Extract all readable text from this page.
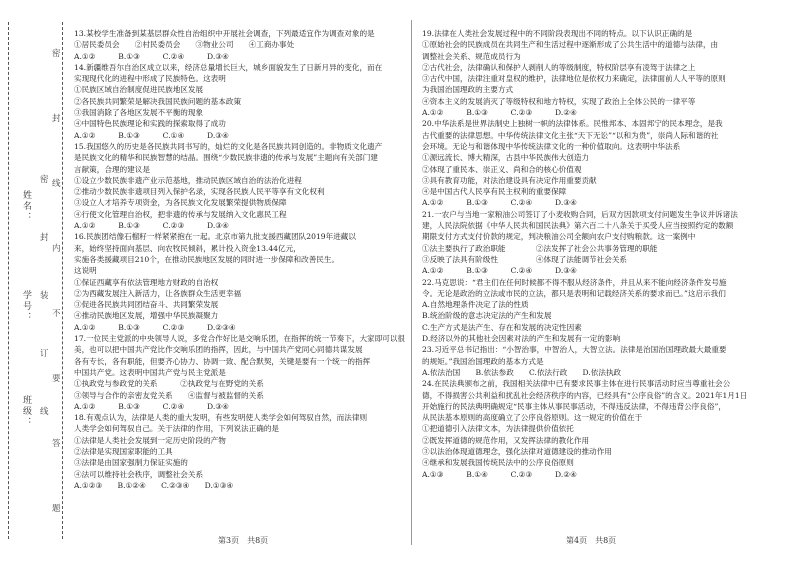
姓名：
学号：
班级：
密
封
线
内
不
要
答
题
密
封
装
订
线

13.某校学生准备到某基层群众性自治组织中开展社会调查，下列最适宜作为调查对象的是

①居民委员会　　②村民委员会　　③物业公司　　④工商办事处

A.①②　　　B.①③　　　C.②④　　　D.③④

14.新疆维吾尔自治区成立以来，经济总量增长巨大，城乡面貌发生了日新月异的变化，而在

实现现代化的进程中形成了民族特色。这表明

①民族区域自治制度促进民族地区发展

②各民族共同繁荣是解决我国民族问题的基本政策

③我国消除了各地区发展不平衡的现象

④中国特色民族理论和实践的探索取得了成功

A.①②　　　B.①③　　　C.①④　　　D.③④

15.我国悠久的历史是各民族共同书写的，灿烂的文化是各民族共同创造的。非物质文化遗产

是民族文化的精华和民族智慧的结晶。围绕“少数民族非遗的传承与发展”主题向有关部门建

言献策，合理的建议是

①设立少数民族非遗产业示范基地，推动民族区域自治的法治化进程

②推动少数民族非遗项目列入保护名录，实现各民族人民平等享有文化权利

③设立人才培养专项资金，为各民族文化发展繁荣提供物质保障

④行使文化管理自治权，把非遗的传承与发展纳入文化惠民工程

A.①②　　　B.①③　　　C.②③　　　D.③④

16.民族团结像石榴籽一样紧紧抱在一起。北京市第九批支援西藏团队2019年进藏以

来，始终坚持面向基层、向农牧民倾斜，累计投入资金13.44亿元，

实施各类援藏项目210个，在推动民族地区发展的同时进一步保障和改善民生。

这说明

①保证西藏享有依法管理地方财政的自治权

②为西藏发展注入新活力，让各族群众生活更幸福

③促进各民族共同团结奋斗、共同繁荣发展

④推动民族地区发展，增强中华民族凝聚力

A.①②　　　B.①③　　　C.②③　　　D.②③④

17.一位民主党派的中央领导人说，多党合作好比是交响乐团，在指挥的统一节奏下，大家即可以很

美，也可以把中国共产党比作交响乐团的指挥，因此，与中国共产党同心同德共谋发展

各有专长，各有职能，但要齐心协力、协调一致、配合默契，关键是要有一个统一的指挥

中国共产党。这表明中国共产党与民主党派是

①执政党与参政党的关系　　　②执政党与在野党的关系

③领导与合作的亲密友党关系　　④监督与被监督的关系

A.①②　　　B.①③　　　C.②④　　　D.③④

18.有观点认为，法律是人类的重大发明，有些发明使人类学会如何驾驭自然，而法律则

人类学会如何驾驭自己。关于法律的作用，下列说法正确的是

①法律是人类社会发展到一定历史阶段的产物

②法律是实现国家职能的工具

③法律是由国家强制力保证实施的

④法可以维持社会秩序，调整社会关系

A.①②③　　B.①②④　　C.②③④　　D.①③④

19.法律在人类社会发展过程中的不同阶段表现出不同的特点。以下认识正确的是

①原始社会的民族成员在共同生产和生活过程中逐渐形成了公共生活中的道德与法律，由

调整社会关系、规范成员行为

②古代社会，法律确认和保护人剥削人的等级制度，特权阶层享有凌驾于法律之上

③古代中国，法律注重对皇权的维护，法律地位是依权力来确定，法律面前人人平等的原则

为我国治国理政的主要方式

④资本主义的发展消灭了等级特权和地方特权，实现了政治上全体公民的一律平等

A.①②　　　B.①③　　　C.②③　　　D.②④

20.中华法系是世界法制史上独树一帜的法律体系。民惟邦本、本固邦宁的民本理念，是我

古代重要的法律思想。中华传统法律文化主张“天下无讼”“以和为贵”，崇尚人际和谐的社

会环境。无论与和谐体现中华传统法律文化的一种价值取向。这表明中华法系

①源远流长、博大精深，古县中华民族伟大创造力

②体现了重民本、崇正义、尚和合的核心价值观

③具有教育功能，对法治建设具有决定作用重要贡献

④是中国古代人民享有民主权利的重要保障

A.①②　　　B.①③　　　C.②④　　　D.③④

21.一农户与当地一家粮油公司签订了小麦收购合同，后双方因款项支付问题发生争议并诉诸法

建，人民法院依据《中华人民共和国民法典》第六百二十八条关于买受人应当按照约定的数额

期限支付方式支付价款的规定，判决粮油公司全额向农户支付购粮款。这一案例中

①法主要执行了政治职能　　　　②法发挥了社会公共事务管理的职能

③反映了法具有阶级性　　　　　④体现了法能调节社会关系

A.①②　　　B.①③　　　C.②④　　　D.③④

22.马克思说：“君主们在任何时候都不得不服从经济条件，并且从来不能向经济条件发号施

令。无论是政治的立法或市民的立法，都只是表明和记载经济关系的要求而已。”这启示我们

A.自然地理条件决定了法的性质

B.统治阶级的意志决定法的产生和发展

C.生产方式是法产生、存在和发展的决定性因素

D.经济以外的其他社会因素对法的产生和发展有一定的影响

23.习近平总书记指出：“小智治事，中智治人，大智立法。法律是治国治国理政最大最重要

的规矩。”我国治国理政的基本方式是

A.依法治国　　B.依法参政　　C.依法行政　　D.依法执政

24.在民法典颁布之前，我国相关法律中已有要求民事主体在进行民事活动时应当尊重社会公

德，不得损害公共利益和扰乱社会经济秩序的内容，已经具有“公序良俗”的含义。2021年1月1日

开始施行的民法典明确规定“民事主体从事民事活动，不得违反法律，不得违背公序良俗”，

从民法基本原则的高度确立了公序良俗原则。这一规定的价值在于

①把道德引入法律文本，为法律提供价值依托

②既发挥道德的规范作用，又发挥法律的教化作用

③以法治体现道德理念，强化法律对道德建设的推动作用

④继承和发展我国传统民法中的公序良俗原则

A.①③　　　B.①④　　　C.②③　　　D.②④

第3页　共8页	第4页　共8页
